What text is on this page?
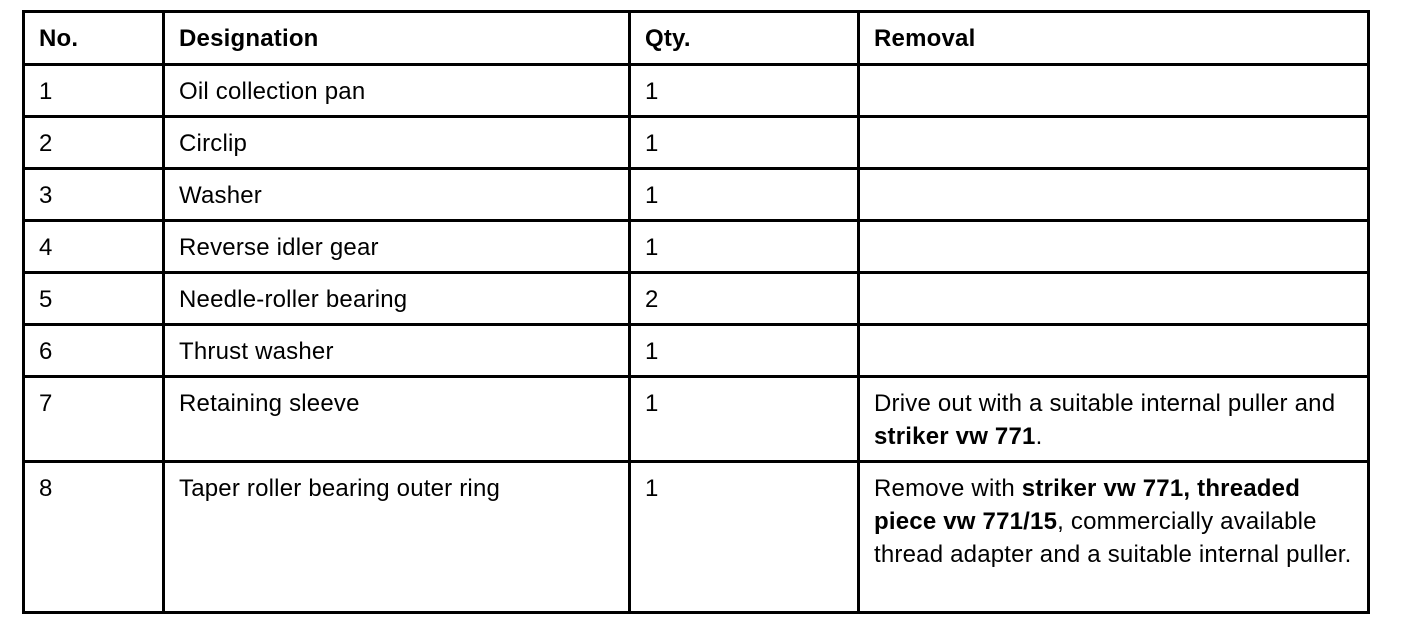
No.	Designation	Qty.	Removal
1	Oil collection pan	1	
2	Circlip	1	
3	Washer	1	
4	Reverse idler gear	1	
5	Needle-roller bearing	2	
6	Thrust washer	1	
7	Retaining sleeve	1	Drive out with a suitable internal puller and striker vw 771.
8	Taper roller bearing outer ring	1	Remove with striker vw 771, threaded piece vw 771/15, commercially available thread adapter and a suitable internal puller.
